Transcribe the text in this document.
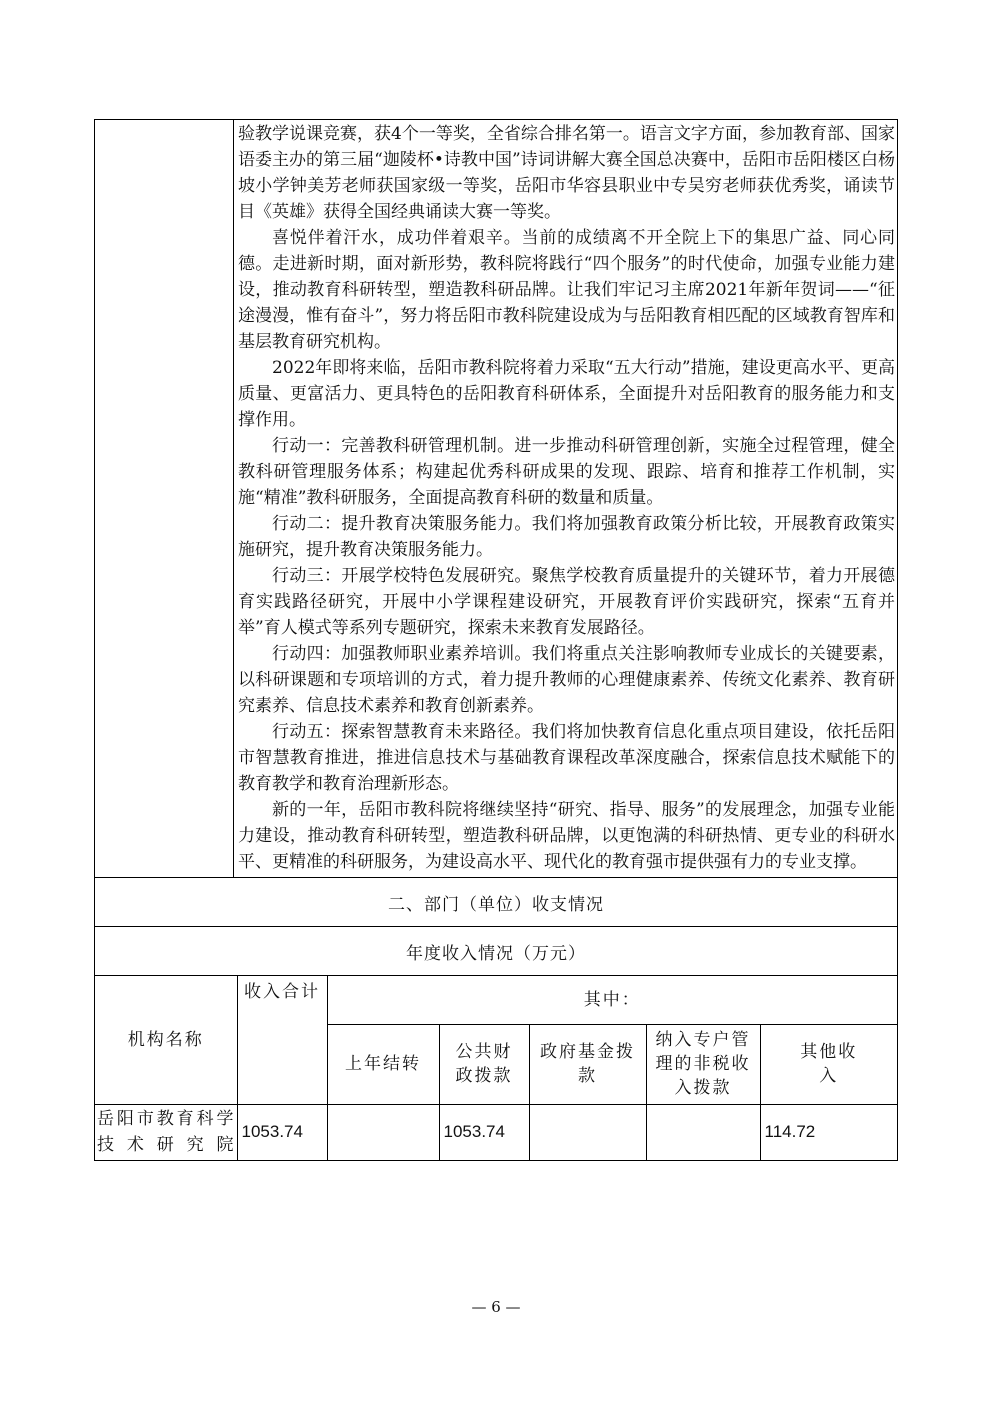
验教学说课竞赛，获4个一等奖，全省综合排名第一。语言文字方面，参加教育部、国家语委主办的第三届“迦陵杯•诗教中国”诗词讲解大赛全国总决赛中，岳阳市岳阳楼区白杨坡小学钟美芳老师获国家级一等奖，岳阳市华容县职业中专吴穷老师获优秀奖，诵读节目《英雄》获得全国经典诵读大赛一等奖。

喜悦伴着汗水，成功伴着艰辛。当前的成绩离不开全院上下的集思广益、同心同德。走进新时期，面对新形势，教科院将践行“四个服务”的时代使命，加强专业能力建设，推动教育科研转型，塑造教科研品牌。让我们牢记习主席2021年新年贺词——“征途漫漫，惟有奋斗”，努力将岳阳市教科院建设成为与岳阳教育相匹配的区域教育智库和基层教育研究机构。

2022年即将来临，岳阳市教科院将着力采取“五大行动”措施，建设更高水平、更高质量、更富活力、更具特色的岳阳教育科研体系，全面提升对岳阳教育的服务能力和支撑作用。

行动一：完善教科研管理机制。进一步推动科研管理创新，实施全过程管理，健全教科研管理服务体系；构建起优秀科研成果的发现、跟踪、培育和推荐工作机制，实施“精准”教科研服务，全面提高教育科研的数量和质量。

行动二：提升教育决策服务能力。我们将加强教育政策分析比较，开展教育政策实施研究，提升教育决策服务能力。

行动三：开展学校特色发展研究。聚焦学校教育质量提升的关键环节，着力开展德育实践路径研究，开展中小学课程建设研究，开展教育评价实践研究，探索“五育并举”育人模式等系列专题研究，探索未来教育发展路径。

行动四：加强教师职业素养培训。我们将重点关注影响教师专业成长的关键要素，以科研课题和专项培训的方式，着力提升教师的心理健康素养、传统文化素养、教育研究素养、信息技术素养和教育创新素养。

行动五：探索智慧教育未来路径。我们将加快教育信息化重点项目建设，依托岳阳市智慧教育推进，推进信息技术与基础教育课程改革深度融合，探索信息技术赋能下的教育教学和教育治理新形态。

新的一年，岳阳市教科院将继续坚持“研究、指导、服务”的发展理念，加强专业能力建设，推动教育科研转型，塑造教科研品牌，以更饱满的科研热情、更专业的科研水平、更精准的科研服务，为建设高水平、现代化的教育强市提供强有力的专业支撑。

二、部门（单位）收支情况
年度收入情况（万元）
机构名称	收入合计	其中：				
		上年结转	公共财政拨款	政府基金拨款	纳入专户管理的非税收入拨款	其他收入
岳阳市教育科学技术研究院	1053.74		1053.74			114.72
— 6 —
